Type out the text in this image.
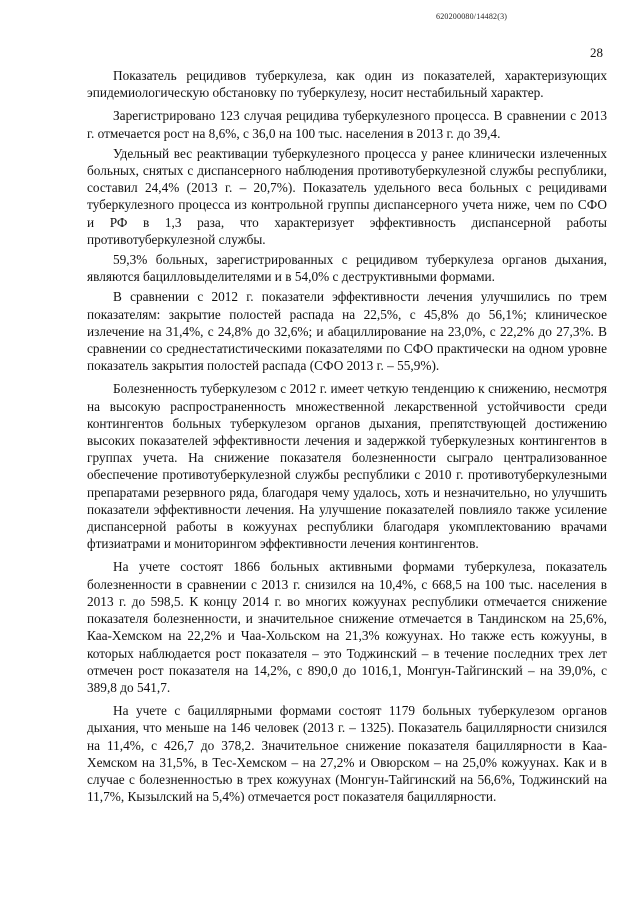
620200080/14482(3)
28

Показатель рецидивов туберкулеза, как один из показателей, характеризующих эпидемиологическую обстановку по туберкулезу, носит нестабильный характер.

Зарегистрировано 123 случая рецидива туберкулезного процесса. В сравнении с 2013 г. отмечается рост на 8,6%, с 36,0 на 100 тыс. населения в 2013 г. до 39,4.

Удельный вес реактивации туберкулезного процесса у ранее клинически излеченных больных, снятых с диспансерного наблюдения противотуберкулезной службы республики, составил 24,4% (2013 г. – 20,7%). Показатель удельного веса больных с рецидивами туберкулезного процесса из контрольной группы диспансерного учета ниже, чем по СФО и РФ в 1,3 раза, что характеризует эффективность диспансерной работы противотуберкулезной службы.

59,3% больных, зарегистрированных с рецидивом туберкулеза органов дыхания, являются бацилловыделителями и в 54,0% с деструктивными формами.

В сравнении с 2012 г. показатели эффективности лечения улучшились по трем показателям: закрытие полостей распада на 22,5%, с 45,8% до 56,1%; клиническое излечение на 31,4%, с 24,8% до 32,6%; и абациллирование на 23,0%, с 22,2% до 27,3%. В сравнении со среднестатистическими показателями по СФО практически на одном уровне показатель закрытия полостей распада (СФО 2013 г. – 55,9%).

Болезненность туберкулезом с 2012 г. имеет четкую тенденцию к снижению, несмотря на высокую распространенность множественной лекарственной устойчивости среди контингентов больных туберкулезом органов дыхания, препятствующей достижению высоких показателей эффективности лечения и задержкой туберкулезных контингентов в группах учета. На снижение показателя болезненности сыграло централизованное обеспечение противотуберкулезной службы республики с 2010 г. противотуберкулезными препаратами резервного ряда, благодаря чему удалось, хоть и незначительно, но улучшить показатели эффективности лечения. На улучшение показателей повлияло также усиление диспансерной работы в кожуунах республики благодаря укомплектованию врачами фтизиатрами и мониторингом эффективности лечения контингентов.

На учете состоят 1866 больных активными формами туберкулеза, показатель болезненности в сравнении с 2013 г. снизился на 10,4%, с 668,5 на 100 тыс. населения в 2013 г. до 598,5. К концу 2014 г. во многих кожуунах республики отмечается снижение показателя болезненности, и значительное снижение отмечается в Тандинском на 25,6%, Каа-Хемском на 22,2% и Чаа-Хольском на 21,3% кожуунах. Но также есть кожууны, в которых наблюдается рост показателя – это Тоджинский – в течение последних трех лет отмечен рост показателя на 14,2%, с 890,0 до 1016,1, Монгун-Тайгинский – на 39,0%, с 389,8 до 541,7.

На учете с бациллярными формами состоят 1179 больных туберкулезом органов дыхания, что меньше на 146 человек (2013 г. – 1325). Показатель бациллярности снизился на 11,4%, с 426,7 до 378,2. Значительное снижение показателя бациллярности в Каа-Хемском на 31,5%, в Тес-Хемском – на 27,2% и Овюрском – на 25,0% кожуунах. Как и в случае с болезненностью в трех кожуунах (Монгун-Тайгинский на 56,6%, Тоджинский на 11,7%, Кызылский на 5,4%) отмечается рост показателя бациллярности.
